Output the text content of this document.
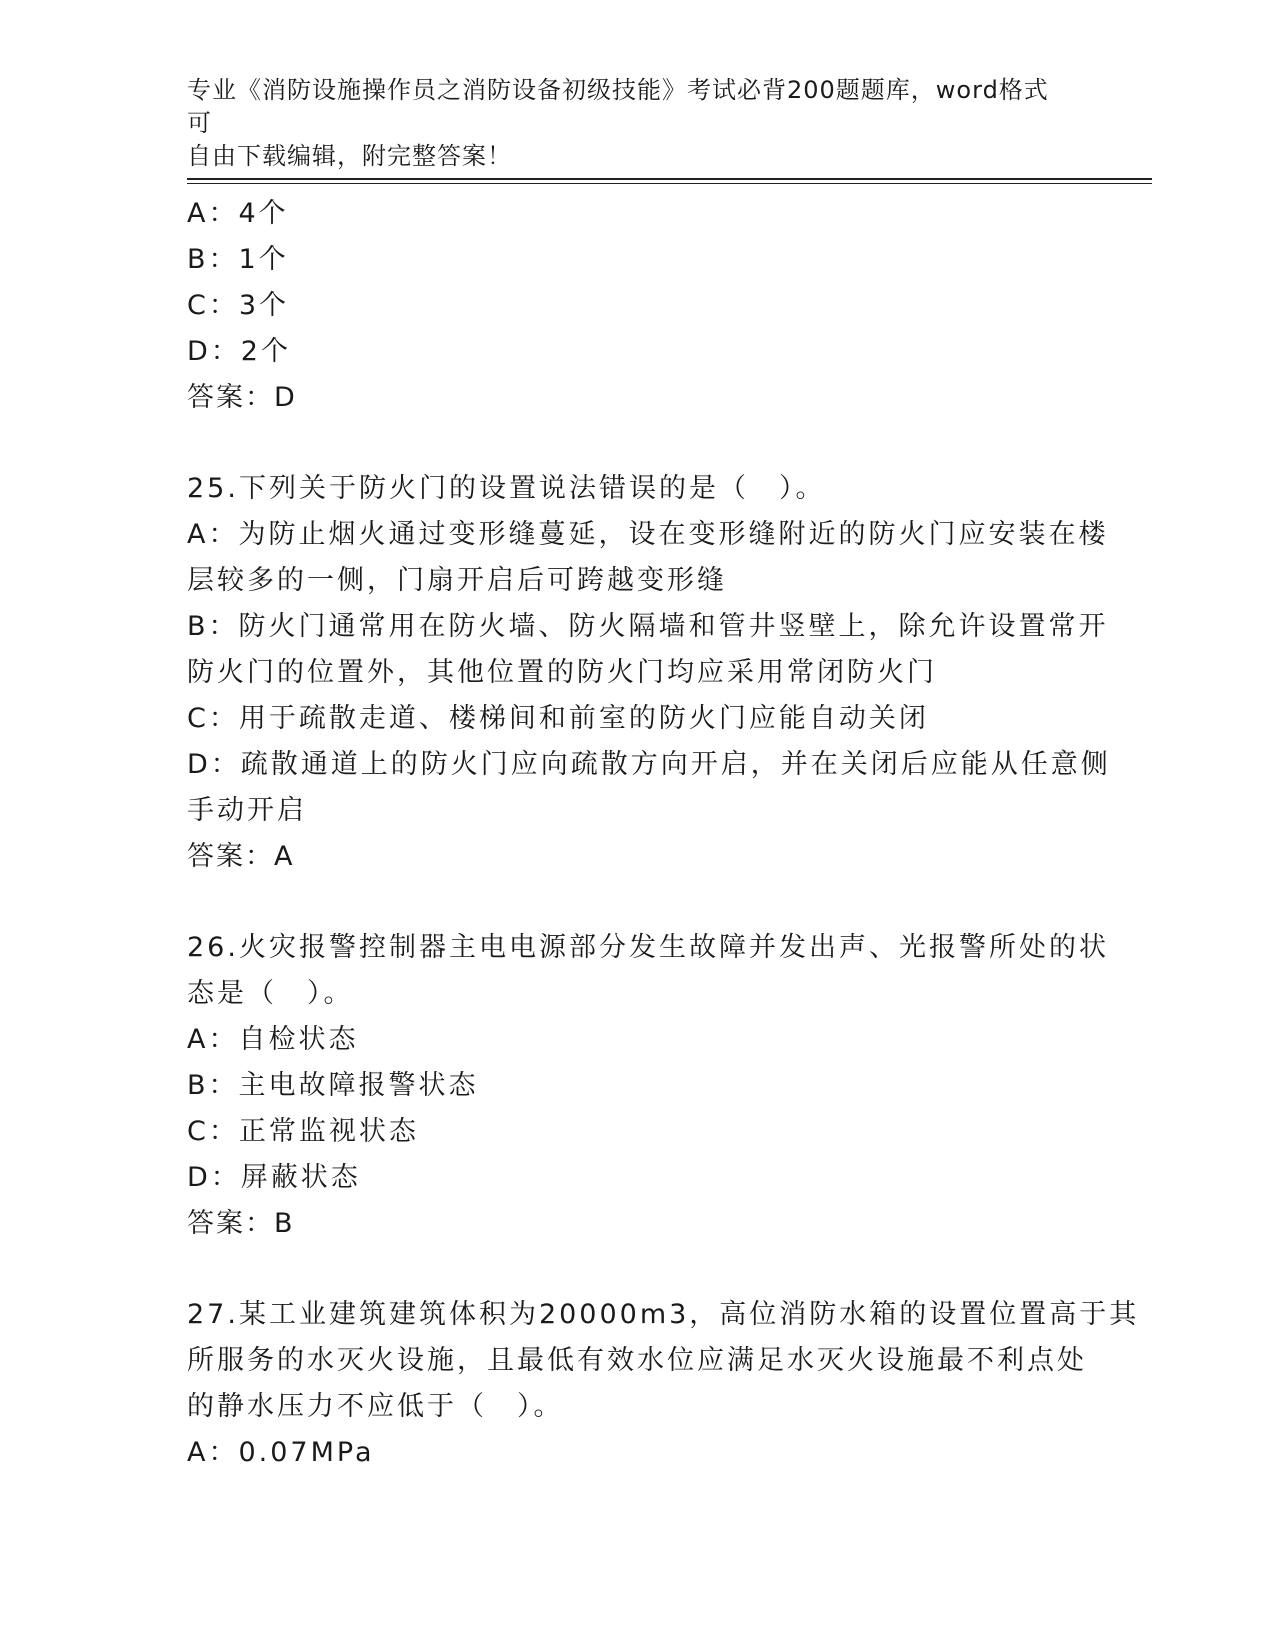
专业《消防设施操作员之消防设备初级技能》考试必背200题题库，word格式可
自由下载编辑，附完整答案！
A：4个
B：1个
C：3个
D：2个
答案：D
25.下列关于防火门的设置说法错误的是（　）。
A：为防止烟火通过变形缝蔓延，设在变形缝附近的防火门应安装在楼
层较多的一侧，门扇开启后可跨越变形缝
B：防火门通常用在防火墙、防火隔墙和管井竖壁上，除允许设置常开
防火门的位置外，其他位置的防火门均应采用常闭防火门
C：用于疏散走道、楼梯间和前室的防火门应能自动关闭
D：疏散通道上的防火门应向疏散方向开启，并在关闭后应能从任意侧
手动开启
答案：A
26.火灾报警控制器主电电源部分发生故障并发出声、光报警所处的状
态是（　）。
A：自检状态
B：主电故障报警状态
C：正常监视状态
D：屏蔽状态
答案：B
27.某工业建筑建筑体积为20000m3，高位消防水箱的设置位置高于其
所服务的水灭火设施，且最低有效水位应满足水灭火设施最不利点处
的静水压力不应低于（　）。
A：0.07MPa
